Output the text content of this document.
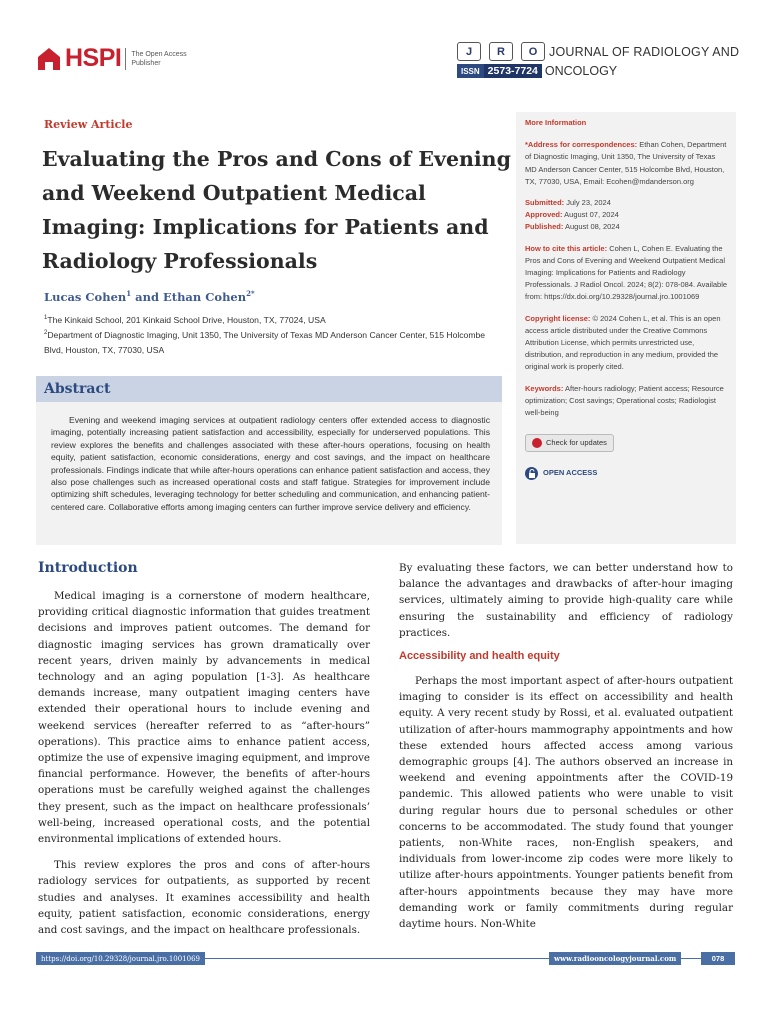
HSPI The Open Access
Publisher
J	R	O JOURNAL OF RADIOLOGY AND
ISSN 2573-7724 ONCOLOGY
Review Article
Evaluating the Pros and Cons of Evening and Weekend Outpatient Medical Imaging: Implications for Patients and Radiology Professionals
Lucas Cohen$^1$ and Ethan Cohen$^{2*}$
$^1$The Kinkaid School, 201 Kinkaid School Drive, Houston, TX, 77024, USA
$^2$Department of Diagnostic Imaging, Unit 1350, The University of Texas MD Anderson Cancer Center, 515 Holcombe Blvd, Houston, TX, 77030, USA
Abstract
Evening and weekend imaging services at outpatient radiology centers offer extended access to diagnostic imaging, potentially increasing patient satisfaction and accessibility, especially for underserved populations. This review explores the benefits and challenges associated with these after-hours operations, focusing on health equity, patient satisfaction, economic considerations, energy and cost savings, and the impact on healthcare professionals. Findings indicate that while after-hours operations can enhance patient satisfaction and access, they also pose challenges such as increased operational costs and staff fatigue. Strategies for improvement include optimizing shift schedules, leveraging technology for better scheduling and communication, and enhancing patient-centered care. Collaborative efforts among imaging centers can further improve service delivery and efficiency.
More Information
*Address for correspondences: Ethan Cohen, Department of Diagnostic Imaging, Unit 1350, The University of Texas MD Anderson Cancer Center, 515 Holcombe Blvd, Houston, TX, 77030, USA, Email: Ecohen@mdanderson.org
Submitted: July 23, 2024
Approved: August 07, 2024
Published: August 08, 2024
How to cite this article: Cohen L, Cohen E. Evaluating the Pros and Cons of Evening and Weekend Outpatient Medical Imaging: Implications for Patients and Radiology Professionals. J Radiol Oncol. 2024; 8(2): 078-084. Available from: https://dx.doi.org/10.29328/journal.jro.1001069
Copyright license: © 2024 Cohen L, et al. This is an open access article distributed under the Creative Commons Attribution License, which permits unrestricted use, distribution, and reproduction in any medium, provided the original work is properly cited.
Keywords: After-hours radiology; Patient access; Resource optimization; Cost savings; Operational costs; Radiologist well-being
Check for updates
OPEN ACCESS
Introduction

Medical imaging is a cornerstone of modern healthcare, providing critical diagnostic information that guides treatment decisions and improves patient outcomes. The demand for diagnostic imaging services has grown dramatically over recent years, driven mainly by advancements in medical technology and an aging population [1-3]. As healthcare demands increase, many outpatient imaging centers have extended their operational hours to include evening and weekend services (hereafter referred to as “after-hours” operations). This practice aims to enhance patient access, optimize the use of expensive imaging equipment, and improve financial performance. However, the benefits of after-hours operations must be carefully weighed against the challenges they present, such as the impact on healthcare professionals’ well-being, increased operational costs, and the potential environmental implications of extended hours.

This review explores the pros and cons of after-hours radiology services for outpatients, as supported by recent studies and analyses. It examines accessibility and health equity, patient satisfaction, economic considerations, energy and cost savings, and the impact on healthcare professionals.

By evaluating these factors, we can better understand how to balance the advantages and drawbacks of after-hour imaging services, ultimately aiming to provide high-quality care while ensuring the sustainability and efficiency of radiology practices.

Accessibility and health equity

Perhaps the most important aspect of after-hours outpatient imaging to consider is its effect on accessibility and health equity. A very recent study by Rossi, et al. evaluated outpatient utilization of after-hours mammography appointments and how these extended hours affected access among various demographic groups [4]. The authors observed an increase in weekend and evening appointments after the COVID-19 pandemic. This allowed patients who were unable to visit during regular hours due to personal schedules or other concerns to be accommodated. The study found that younger patients, non-White races, non-English speakers, and individuals from lower-income zip codes were more likely to utilize after-hours appointments. Younger patients benefit from after-hours appointments because they may have more demanding work or family commitments during regular daytime hours. Non-White

https://doi.org/10.29328/journal.jro.1001069	www.radiooncologyjournal.com	078
